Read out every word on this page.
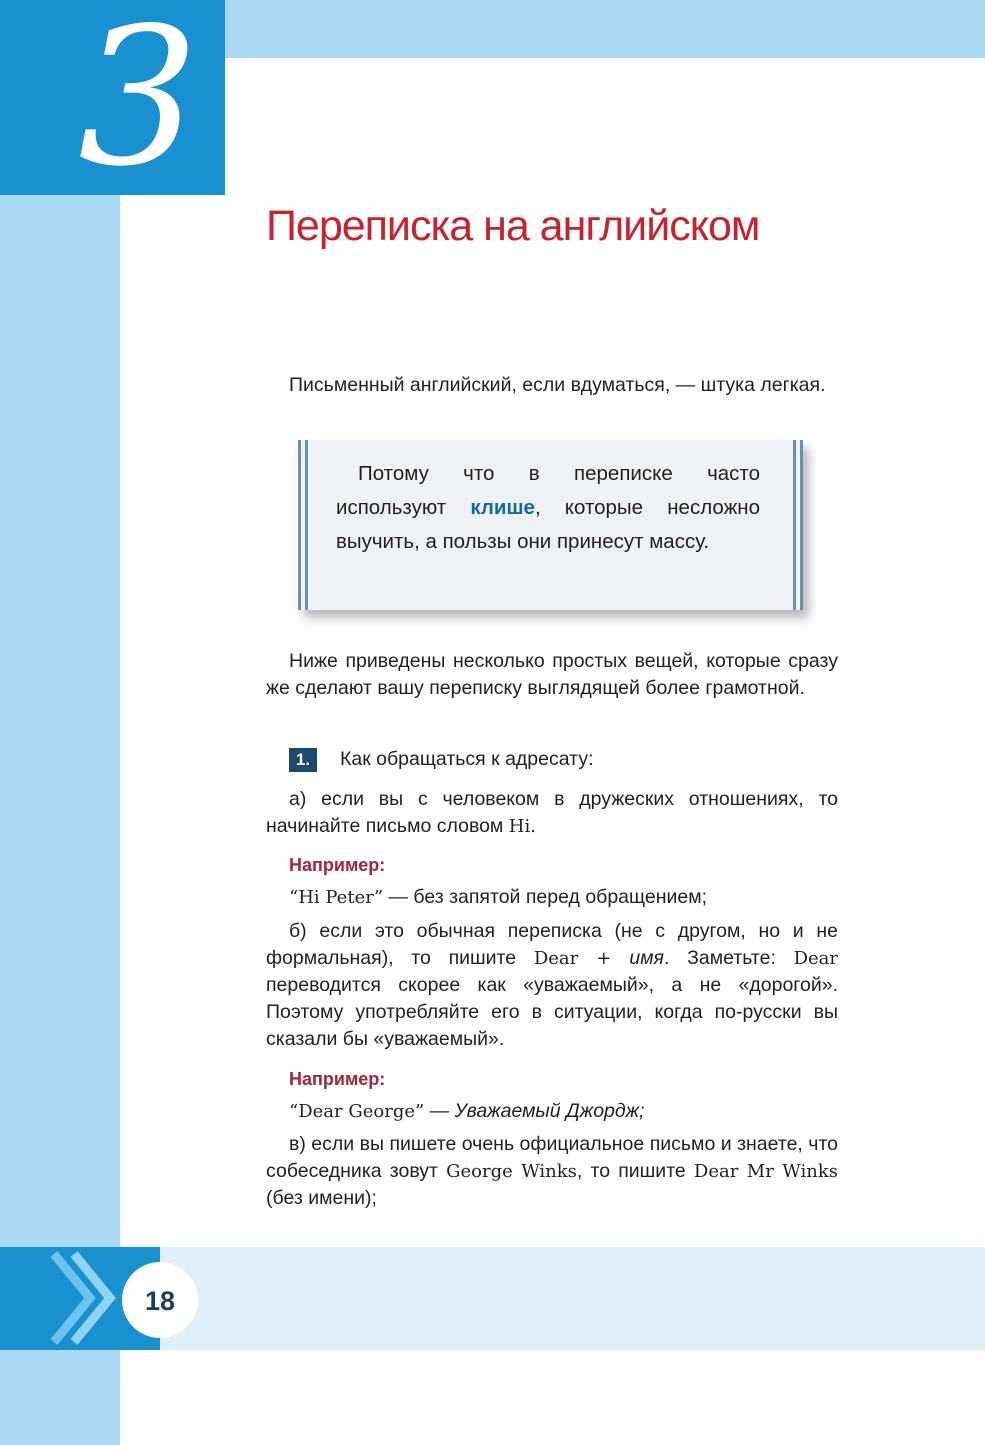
3
Переписка на английском

Письменный английский, если вдуматься, — штука легкая.

Потому что в переписке часто используют клише, которые несложно выучить, а пользы они принесут массу.

Ниже приведены несколько простых вещей, которые сразу же сделают вашу переписку выглядящей более грамотной.

1.	Как обращаться к адресату:

а) если вы с человеком в дружеских отношениях, то начинайте письмо словом Hi.

Например:

“Hi Peter” — без запятой перед обращением;

б) если это обычная переписка (не с другом, но и не формальная), то пишите Dear + имя. Заметьте: Dear переводится скорее как «уважаемый», а не «дорогой». Поэтому употребляйте его в ситуации, когда по-русски вы сказали бы «уважаемый».

Например:

“Dear George” — Уважаемый Джордж;

в) если вы пишете очень официальное письмо и знаете, что собеседника зовут George Winks, то пишите Dear Mr Winks (без имени);

18
